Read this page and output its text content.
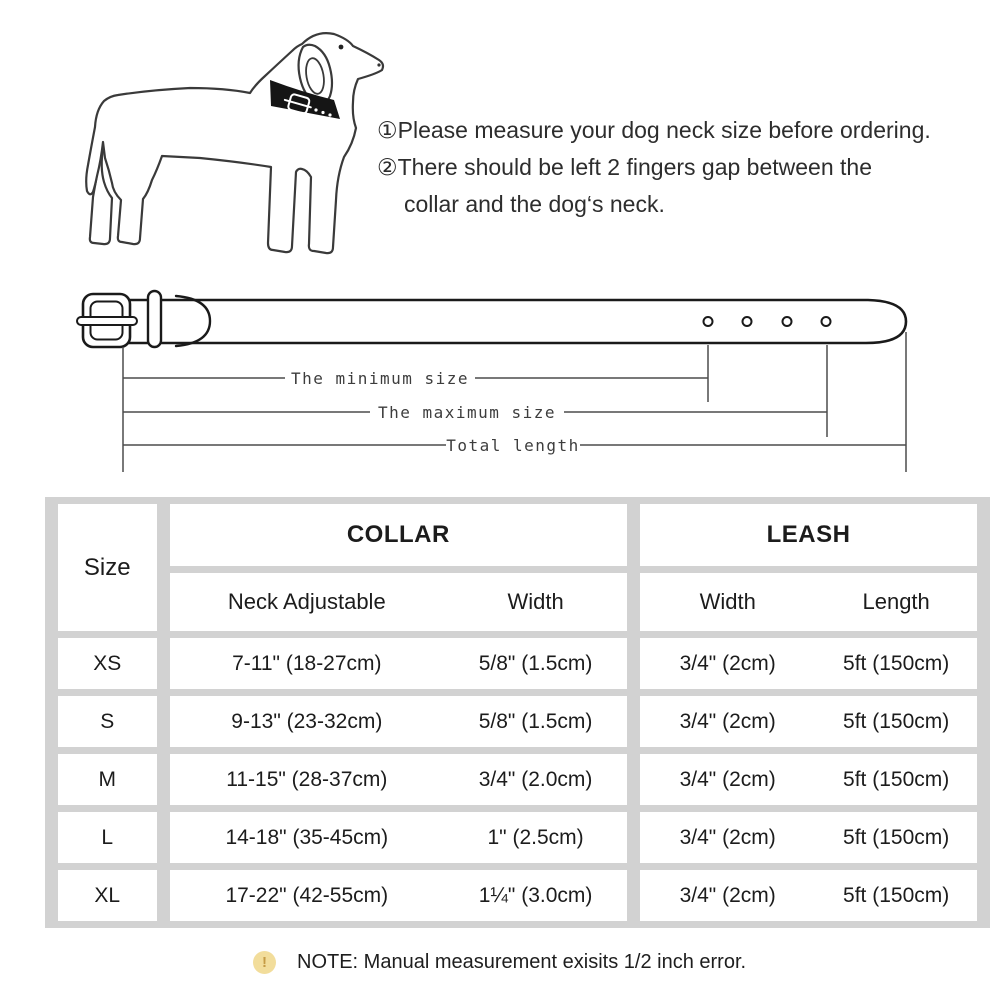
The minimum size
The maximum size
Total length
①Please measure your dog neck size before ordering.
②There should be left 2 fingers gap between the
collar and the dog‘s neck.
Size	COLLAR	LEASH

	Neck Adjustable Width	Width Length

XS	7-11" (18-27cm) 5/8" (1.5cm)	3/4" (2cm) 5ft (150cm)

S	9-13" (23-32cm) 5/8" (1.5cm)	3/4" (2cm) 5ft (150cm)

M	11-15" (28-37cm) 3/4" (2.0cm)	3/4" (2cm) 5ft (150cm)

L	14-18" (35-45cm) 1" (2.5cm)	3/4" (2cm) 5ft (150cm)

XL	17-22" (42-55cm) 1¼" (3.0cm)	3/4" (2cm) 5ft (150cm)
!	NOTE: Manual measurement exisits 1/2 inch error.
